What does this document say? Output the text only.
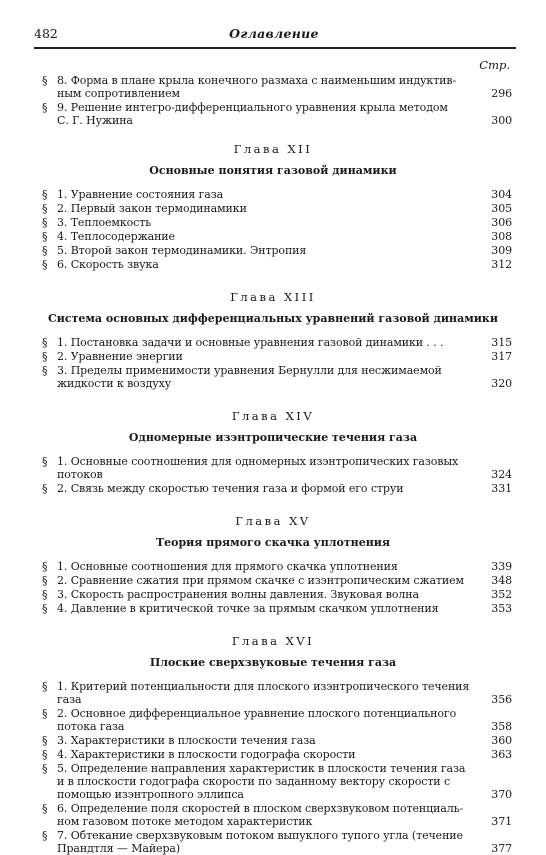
482	Оглавление
Стр.
§ 8. Форма в плане крыла конечного размаха с наименьшим индуктив-
ным сопротивлением	296
§ 9. Решение интегро-дифференциального уравнения крыла методом
С. Г. Нужина	300
Глава XII
Основные понятия газовой динамики
§ 1. Уравнение состояния газа	304
§ 2. Первый закон термодинамики	305
§ 3. Теплоемкость	306
§ 4. Теплосодержание	308
§ 5. Второй закон термодинамики. Энтропия	309
§ 6. Скорость звука	312
Глава XIII
Система основных дифференциальных уравнений газовой динамики
§ 1. Постановка задачи и основные уравнения газовой динамики . . .	315
§ 2. Уравнение энергии	317
§ 3. Пределы применимости уравнения Бернулли для несжимаемой
жидкости к воздуху	320
Глава XIV
Одномерные изэнтропические течения газа
§ 1. Основные соотношения для одномерных изэнтропических газовых
потоков	324
§ 2. Связь между скоростью течения газа и формой его струи	331
Глава XV
Теория прямого скачка уплотнения
§ 1. Основные соотношения для прямого скачка уплотнения	339
§ 2. Сравнение сжатия при прямом скачке с изэнтропическим сжатием	348
§ 3. Скорость распространения волны давления. Звуковая волна	352
§ 4. Давление в критической точке за прямым скачком уплотнения	353
Глава XVI
Плоские сверхзвуковые течения газа
§ 1. Критерий потенциальности для плоского изэнтропического течения
газа	356
§ 2. Основное дифференциальное уравнение плоского потенциального
потока газа	358
§ 3. Характеристики в плоскости течения газа	360
§ 4. Характеристики в плоскости годографа скорости	363
§ 5. Определение направления характеристик в плоскости течения газа
и в плоскости годографа скорости по заданному вектору скорости с
помощью изэнтропного эллипса	370
§ 6. Определение поля скоростей в плоском сверхзвуковом потенциаль-
ном газовом потоке методом характеристик	371
§ 7. Обтекание сверхзвуковым потоком выпуклого тупого угла (течение
Прандтля — Майера)	377
